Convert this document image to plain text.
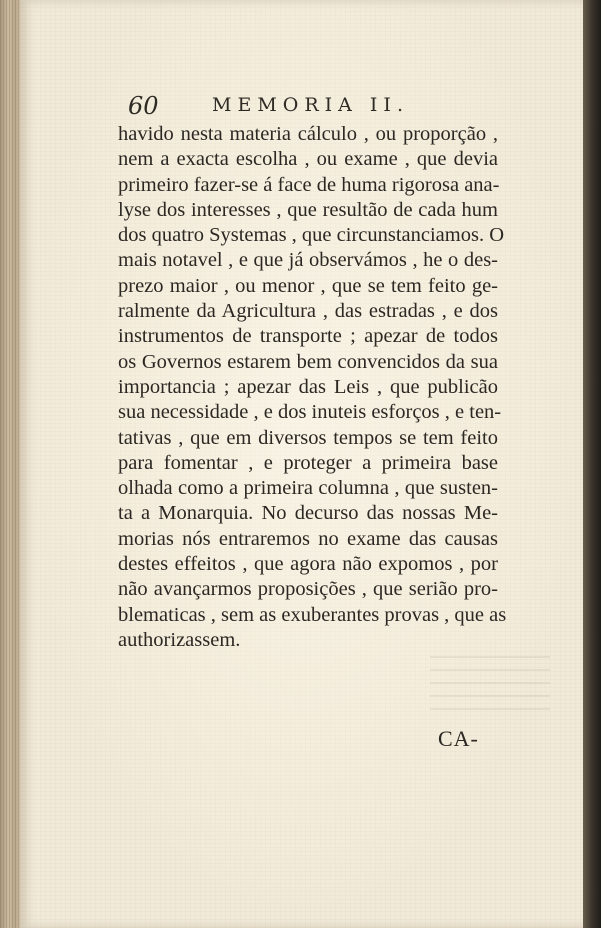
60	MEMORIA II.
havido nesta materia cálculo , ou proporção ,
nem a exacta escolha , ou exame , que devia
primeiro fazer-se á face de huma rigorosa ana-
lyse dos interesses , que resultão de cada hum
dos quatro Systemas , que circunstanciamos. O
mais notavel , e que já observámos , he o des-
prezo maior , ou menor , que se tem feito ge-
ralmente da Agricultura , das estradas , e dos
instrumentos de transporte ; apezar de todos
os Governos estarem bem convencidos da sua
importancia ; apezar das Leis , que publicão
sua necessidade , e dos inuteis esforços , e ten-
tativas , que em diversos tempos se tem feito
para fomentar , e proteger a primeira base
olhada como a primeira columna , que susten-
ta a Monarquia. No decurso das nossas Me-
morias nós entraremos no exame das causas
destes effeitos , que agora não expomos , por
não avançarmos proposições , que serião pro-
blematicas , sem as exuberantes provas , que as
authorizassem.
CA-
